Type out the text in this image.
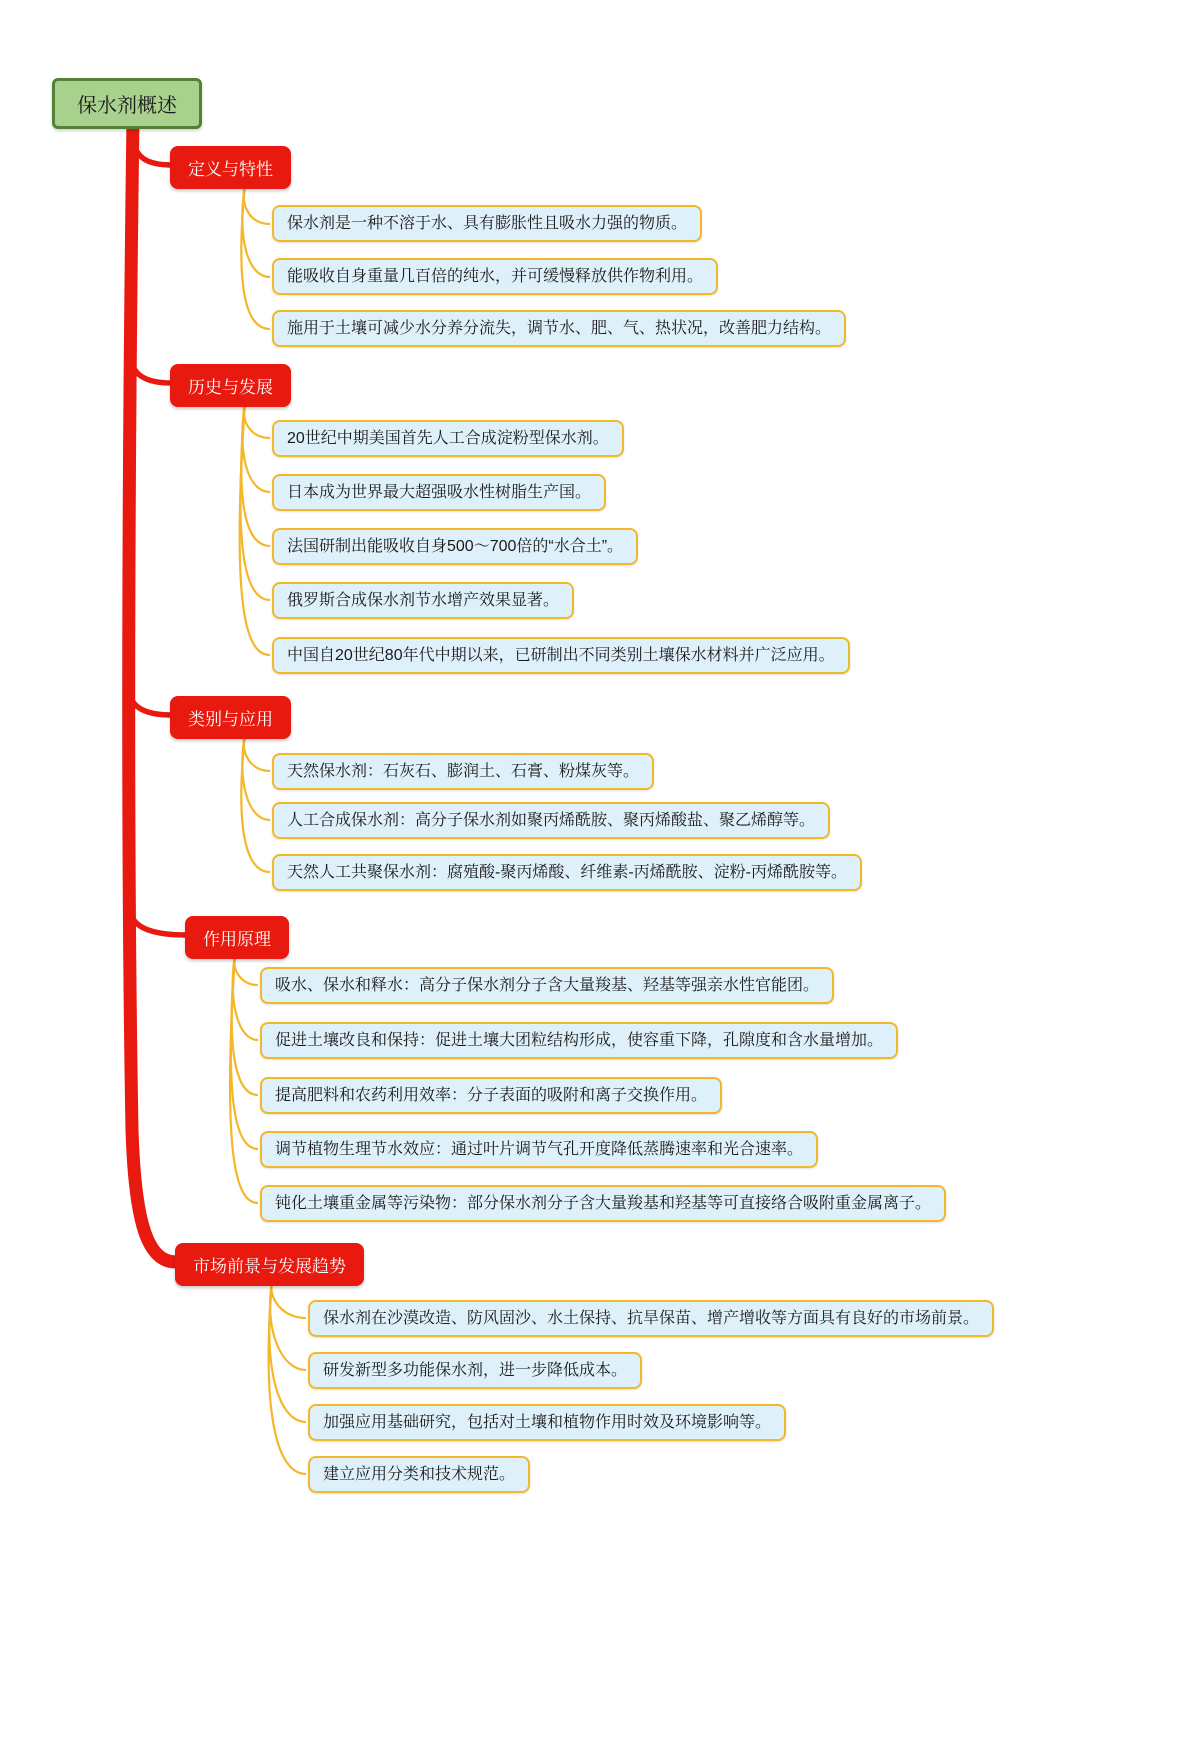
保水剂概述
定义与特性
保水剂是一种不溶于水、具有膨胀性且吸水力强的物质。
能吸收自身重量几百倍的纯水，并可缓慢释放供作物利用。
施用于土壤可减少水分养分流失，调节水、肥、气、热状况，改善肥力结构。
历史与发展
20世纪中期美国首先人工合成淀粉型保水剂。
日本成为世界最大超强吸水性树脂生产国。
法国研制出能吸收自身500～700倍的“水合土”。
俄罗斯合成保水剂节水增产效果显著。
中国自20世纪80年代中期以来，已研制出不同类别土壤保水材料并广泛应用。
类别与应用
天然保水剂：石灰石、膨润土、石膏、粉煤灰等。
人工合成保水剂：高分子保水剂如聚丙烯酰胺、聚丙烯酸盐、聚乙烯醇等。
天然人工共聚保水剂：腐殖酸-聚丙烯酸、纤维素-丙烯酰胺、淀粉-丙烯酰胺等。
作用原理
吸水、保水和释水：高分子保水剂分子含大量羧基、羟基等强亲水性官能团。
促进土壤改良和保持：促进土壤大团粒结构形成，使容重下降，孔隙度和含水量增加。
提高肥料和农药利用效率：分子表面的吸附和离子交换作用。
调节植物生理节水效应：通过叶片调节气孔开度降低蒸腾速率和光合速率。
钝化土壤重金属等污染物：部分保水剂分子含大量羧基和羟基等可直接络合吸附重金属离子。
市场前景与发展趋势
保水剂在沙漠改造、防风固沙、水土保持、抗旱保苗、增产增收等方面具有良好的市场前景。
研发新型多功能保水剂，进一步降低成本。
加强应用基础研究，包括对土壤和植物作用时效及环境影响等。
建立应用分类和技术规范。
